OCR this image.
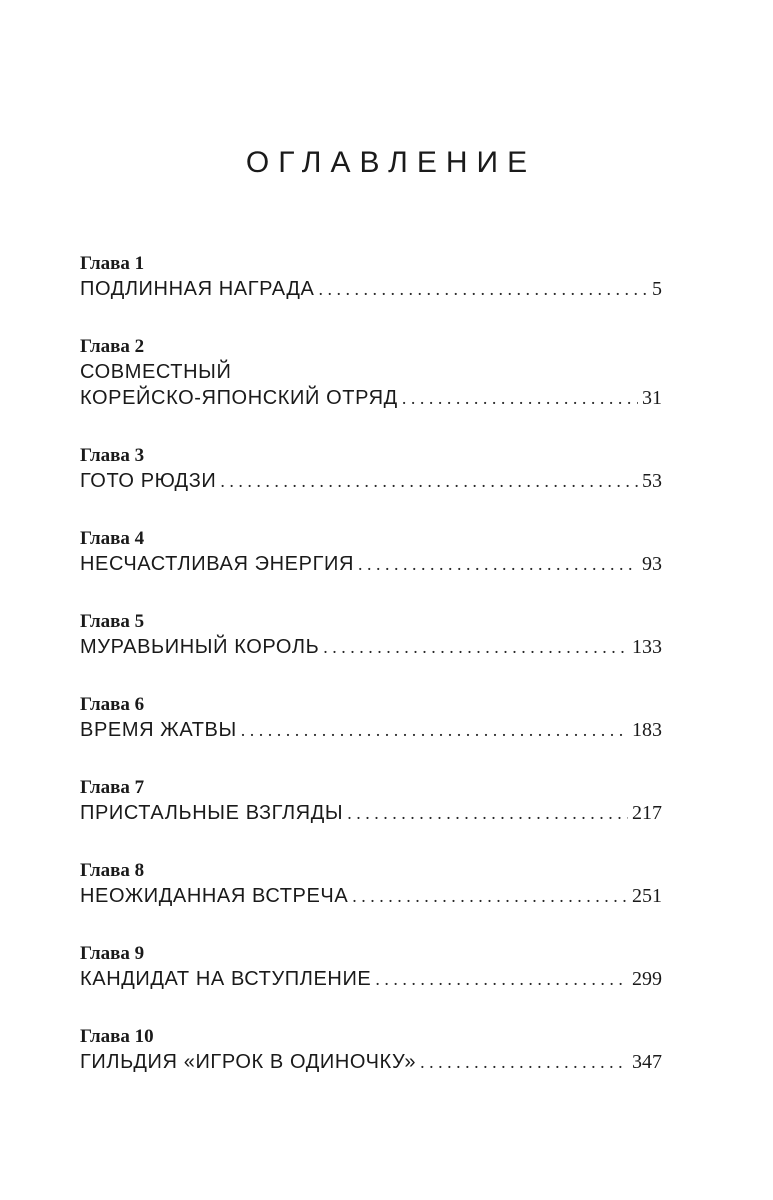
ОГЛАВЛЕНИЕ
Глава 1
ПОДЛИННАЯ НАГРАДА . . .	5
Глава 2
СОВМЕСТНЫЙ
КОРЕЙСКО-ЯПОНСКИЙ ОТРЯД . . .	31
Глава 3
ГОТО РЮДЗИ . . .	53
Глава 4
НЕСЧАСТЛИВАЯ ЭНЕРГИЯ . . .	93
Глава 5
МУРАВЬИНЫЙ КОРОЛЬ . . .	133
Глава 6
ВРЕМЯ ЖАТВЫ . . .	183
Глава 7
ПРИСТАЛЬНЫЕ ВЗГЛЯДЫ . . .	217
Глава 8
НЕОЖИДАННАЯ ВСТРЕЧА . . .	251
Глава 9
КАНДИДАТ НА ВСТУПЛЕНИЕ . . .	299
Глава 10
ГИЛЬДИЯ «ИГРОК В ОДИНОЧКУ» . . .	347
